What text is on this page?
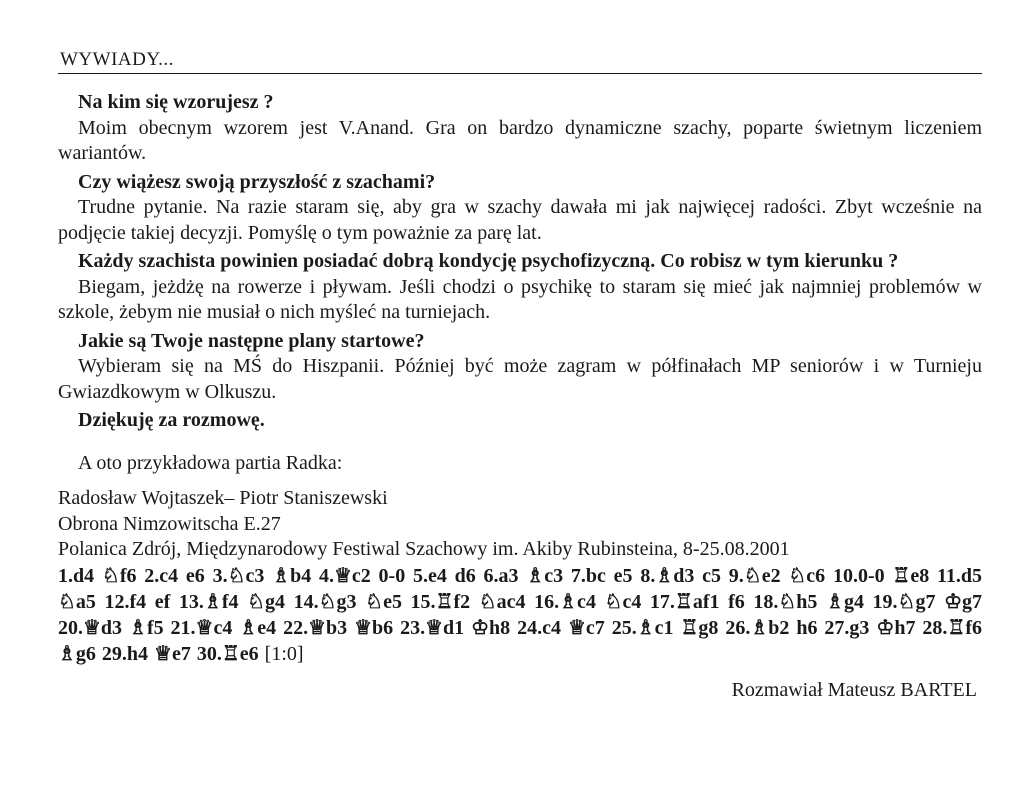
WYWIADY...
Na kim się wzorujesz ?
Moim obecnym wzorem jest V.Anand. Gra on bardzo dynamiczne szachy, poparte świetnym liczeniem wariantów.
Czy wiążesz swoją przyszłość z szachami?
Trudne pytanie. Na razie staram się, aby gra w szachy dawała mi jak najwięcej radości. Zbyt wcześnie na podjęcie takiej decyzji. Pomyślę o tym poważnie za parę lat.
Każdy szachista powinien posiadać dobrą kondycję psychofizyczną. Co robisz w tym kierunku ?
Biegam, jeżdżę na rowerze i pływam. Jeśli chodzi o psychikę to staram się mieć jak najmniej problemów w szkole, żebym nie musiał o nich myśleć na turniejach.
Jakie są Twoje następne plany startowe?
Wybieram się na MŚ do Hiszpanii. Później być może zagram w półfinałach MP seniorów i w Turnieju Gwiazdkowym w Olkuszu.
Dziękuję za rozmowę.
A oto przykładowa partia Radka:
Radosław Wojtaszek– Piotr Staniszewski
Obrona Nimzowitscha E.27
Polanica Zdrój, Międzynarodowy Festiwal Szachowy im. Akiby Rubinsteina, 8-25.08.2001
1.d4 ♘f6 2.c4 e6 3.♘c3 ♗b4 4.♕c2 0-0 5.e4 d6 6.a3 ♗c3 7.bc e5 8.♗d3 c5 9.♘e2 ♘c6 10.0-0 ♖e8 11.d5 ♘a5 12.f4 ef 13.♗f4 ♘g4 14.♘g3 ♘e5 15.♖f2 ♘ac4 16.♗c4 ♘c4 17.♖af1 f6 18.♘h5 ♗g4 19.♘g7 ♔g7 20.♕d3 ♗f5 21.♕c4 ♗e4 22.♕b3 ♕b6 23.♕d1 ♔h8 24.c4 ♕c7 25.♗c1 ♖g8 26.♗b2 h6 27.g3 ♔h7 28.♖f6 ♗g6 29.h4 ♕e7 30.♖e6 [1:0]
Rozmawiał Mateusz BARTEL
